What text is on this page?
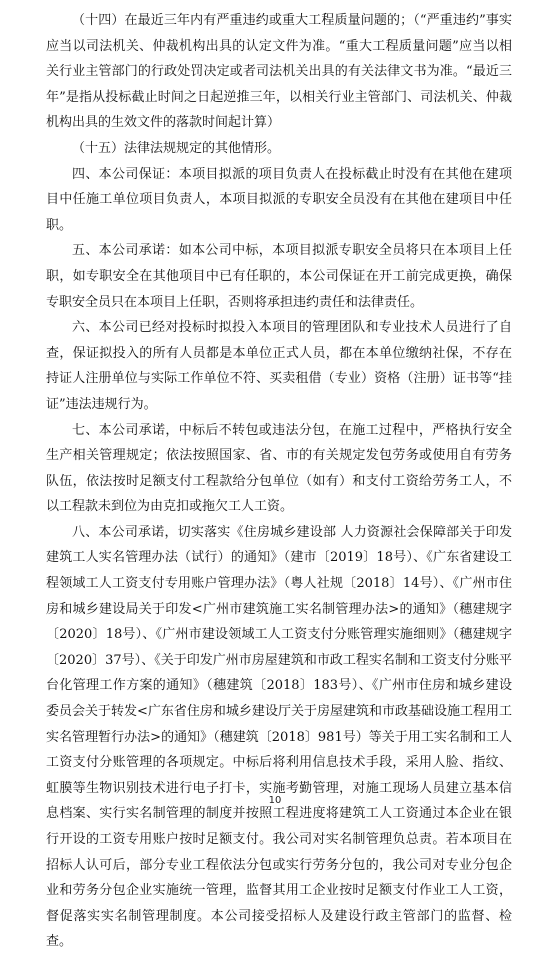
（十四）在最近三年内有严重违约或重大工程质量问题的；（“严重违约”事实应当以司法机关、仲裁机构出具的认定文件为准。“重大工程质量问题”应当以相关行业主管部门的行政处罚决定或者司法机关出具的有关法律文书为准。“最近三年”是指从投标截止时间之日起逆推三年，以相关行业主管部门、司法机关、仲裁机构出具的生效文件的落款时间起计算）

（十五）法律法规规定的其他情形。

四、本公司保证：本项目拟派的项目负责人在投标截止时没有在其他在建项目中任施工单位项目负责人，本项目拟派的专职安全员没有在其他在建项目中任职。

五、本公司承诺：如本公司中标，本项目拟派专职安全员将只在本项目上任职，如专职安全在其他项目中已有任职的，本公司保证在开工前完成更换，确保专职安全员只在本项目上任职，否则将承担违约责任和法律责任。

六、本公司已经对投标时拟投入本项目的管理团队和专业技术人员进行了自查，保证拟投入的所有人员都是本单位正式人员，都在本单位缴纳社保，不存在持证人注册单位与实际工作单位不符、买卖租借（专业）资格（注册）证书等“挂证”违法违规行为。

七、本公司承诺，中标后不转包或违法分包，在施工过程中，严格执行安全生产相关管理规定；依法按照国家、省、市的有关规定发包劳务或使用自有劳务队伍，依法按时足额支付工程款给分包单位（如有）和支付工资给劳务工人，不以工程款未到位为由克扣或拖欠工人工资。

八、本公司承诺，切实落实《住房城乡建设部 人力资源社会保障部关于印发建筑工人实名管理办法（试行）的通知》（建市〔2019〕18号）、《广东省建设工程领域工人工资支付专用账户管理办法》（粤人社规〔2018〕14号）、《广州市住房和城乡建设局关于印发<广州市建筑施工实名制管理办法>的通知》（穗建规字〔2020〕18号）、《广州市建设领域工人工资支付分账管理实施细则》（穗建规字〔2020〕37号）、《关于印发广州市房屋建筑和市政工程实名制和工资支付分账平台化管理工作方案的通知》（穗建筑〔2018〕183号）、《广州市住房和城乡建设委员会关于转发<广东省住房和城乡建设厅关于房屋建筑和市政基础设施工程用工实名管理暂行办法>的通知》（穗建筑〔2018〕981号）等关于用工实名制和工人工资支付分账管理的各项规定。中标后将利用信息技术手段，采用人脸、指纹、虹膜等生物识别技术进行电子打卡，实施考勤管理，对施工现场人员建立基本信息档案、实行实名制管理的制度并按照工程进度将建筑工人工资通过本企业在银行开设的工资专用账户按时足额支付。我公司对实名制管理负总责。若本项目在招标人认可后，部分专业工程依法分包或实行劳务分包的，我公司对专业分包企业和劳务分包企业实施统一管理，监督其用工企业按时足额支付作业工人工资，督促落实实名制管理制度。本公司接受招标人及建设行政主管部门的监督、检查。

10
